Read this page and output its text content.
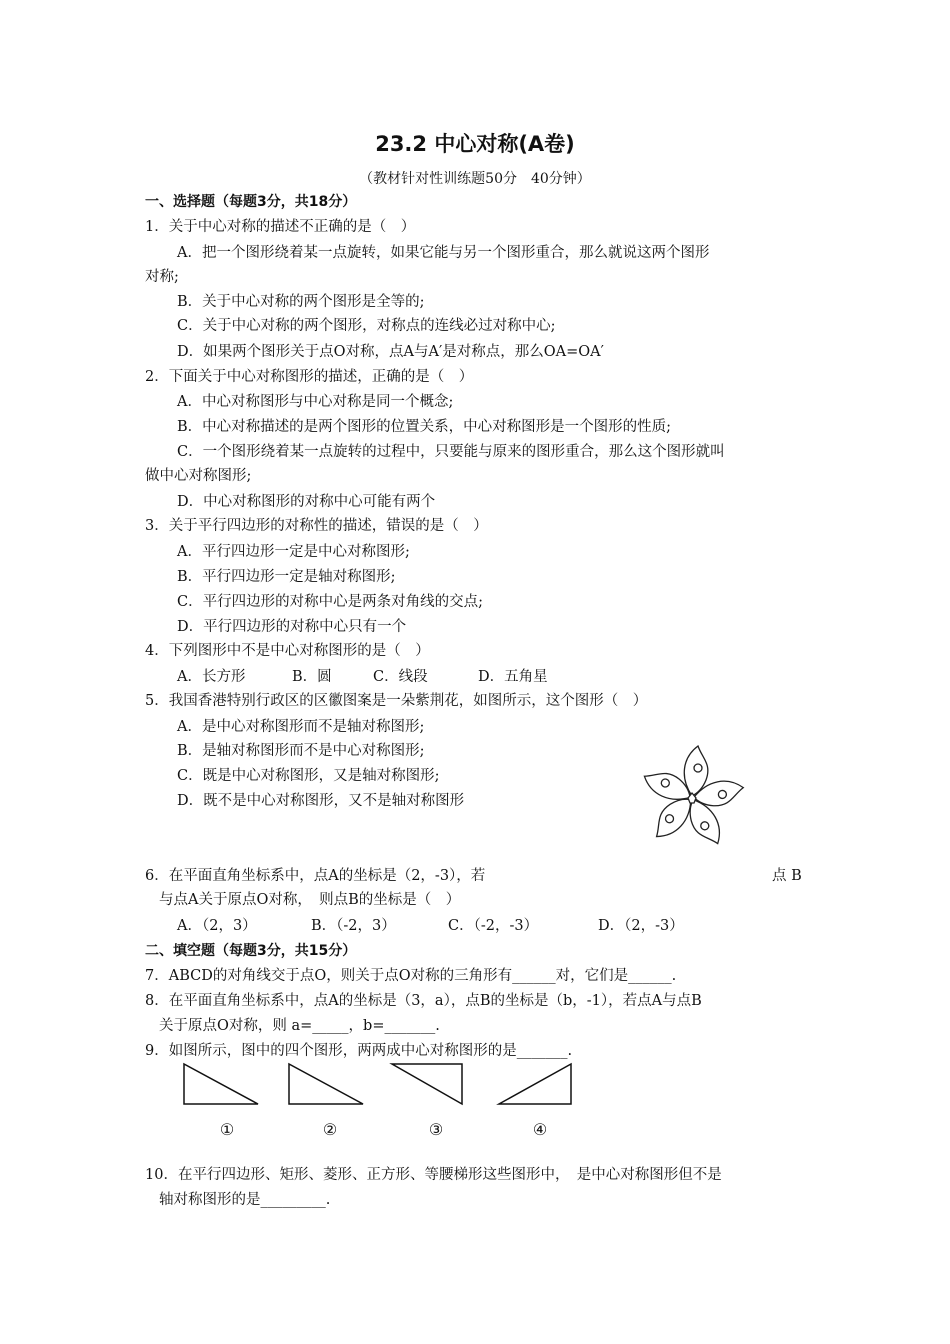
23.2 中心对称(A卷)
（教材针对性训练题50分　40分钟）
一、选择题（每题3分，共18分）
1．关于中心对称的描述不正确的是（　）
A．把一个图形绕着某一点旋转，如果它能与另一个图形重合，那么就说这两个图形
对称;
B．关于中心对称的两个图形是全等的;
C．关于中心对称的两个图形，对称点的连线必过对称中心;
D．如果两个图形关于点O对称，点A与A′是对称点，那么OA=OA′
2．下面关于中心对称图形的描述，正确的是（　）
A．中心对称图形与中心对称是同一个概念;
B．中心对称描述的是两个图形的位置关系，中心对称图形是一个图形的性质;
C．一个图形绕着某一点旋转的过程中，只要能与原来的图形重合，那么这个图形就叫
做中心对称图形;
D．中心对称图形的对称中心可能有两个
3．关于平行四边形的对称性的描述，错误的是（　）
A．平行四边形一定是中心对称图形;
B．平行四边形一定是轴对称图形;
C．平行四边形的对称中心是两条对角线的交点;
D．平行四边形的对称中心只有一个
4．下列图形中不是中心对称图形的是（　）
A．长方形	B．圆	C．线段	D．五角星
5．我国香港特别行政区的区徽图案是一朵紫荆花，如图所示，这个图形（　）
A．是中心对称图形而不是轴对称图形;
B．是轴对称图形而不是中心对称图形;
C．既是中心对称图形，又是轴对称图形;
D．既不是中心对称图形，又不是轴对称图形
6．在平面直角坐标系中，点A的坐标是（2，-3），若	点 B
与点A关于原点O对称，　则点B的坐标是（　）
A．（2，3）	B．（-2，3）	C．（-2，-3）	D．（2，-3）
二、填空题（每题3分，共15分）
7．ABCD的对角线交于点O，则关于点O对称的三角形有______对，它们是______.
8．在平面直角坐标系中，点A的坐标是（3，a），点B的坐标是（b，-1），若点A与点B
关于原点O对称，则 a=_____，b=_______.
9．如图所示，图中的四个图形，两两成中心对称图形的是_______.
①	②	③	④
10．在平行四边形、矩形、菱形、正方形、等腰梯形这些图形中，　是中心对称图形但不是
轴对称图形的是_________.
